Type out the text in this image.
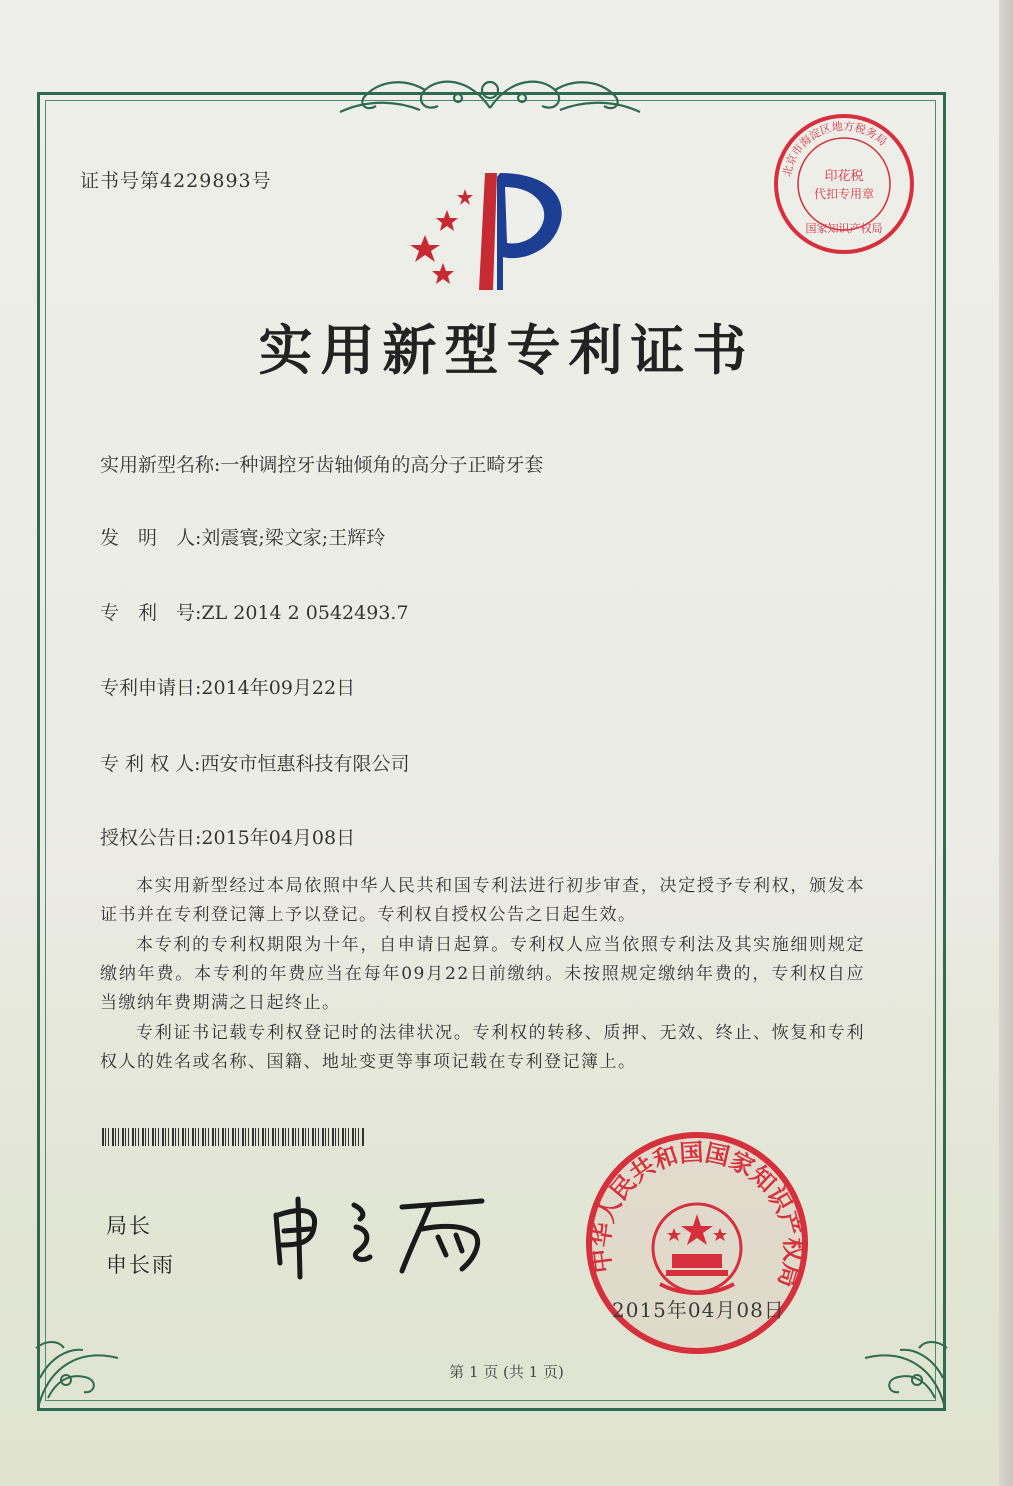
证书号第4229893号	北京市海淀区地方税务局
印花税
代扣专用章
国家知识产权局
实用新型专利证书
实用新型名称:一种调控牙齿轴倾角的高分子正畸牙套
发　明　人:刘震寰;梁文家;王辉玲
专　利　号:ZL 2014 2 0542493.7
专利申请日:2014年09月22日
专 利 权 人:西安市恒惠科技有限公司
授权公告日:2015年04月08日
本实用新型经过本局依照中华人民共和国专利法进行初步审查，决定授予专利权，颁发本证书并在专利登记簿上予以登记。专利权自授权公告之日起生效。
本专利的专利权期限为十年，自申请日起算。专利权人应当依照专利法及其实施细则规定缴纳年费。本专利的年费应当在每年09月22日前缴纳。未按照规定缴纳年费的，专利权自应当缴纳年费期满之日起终止。
专利证书记载专利权登记时的法律状况。专利权的转移、质押、无效、终止、恢复和专利权人的姓名或名称、国籍、地址变更等事项记载在专利登记簿上。
局长
申长雨	中华人民共和国国家知识产权局
2015年04月08日
第 1 页 (共 1 页)
